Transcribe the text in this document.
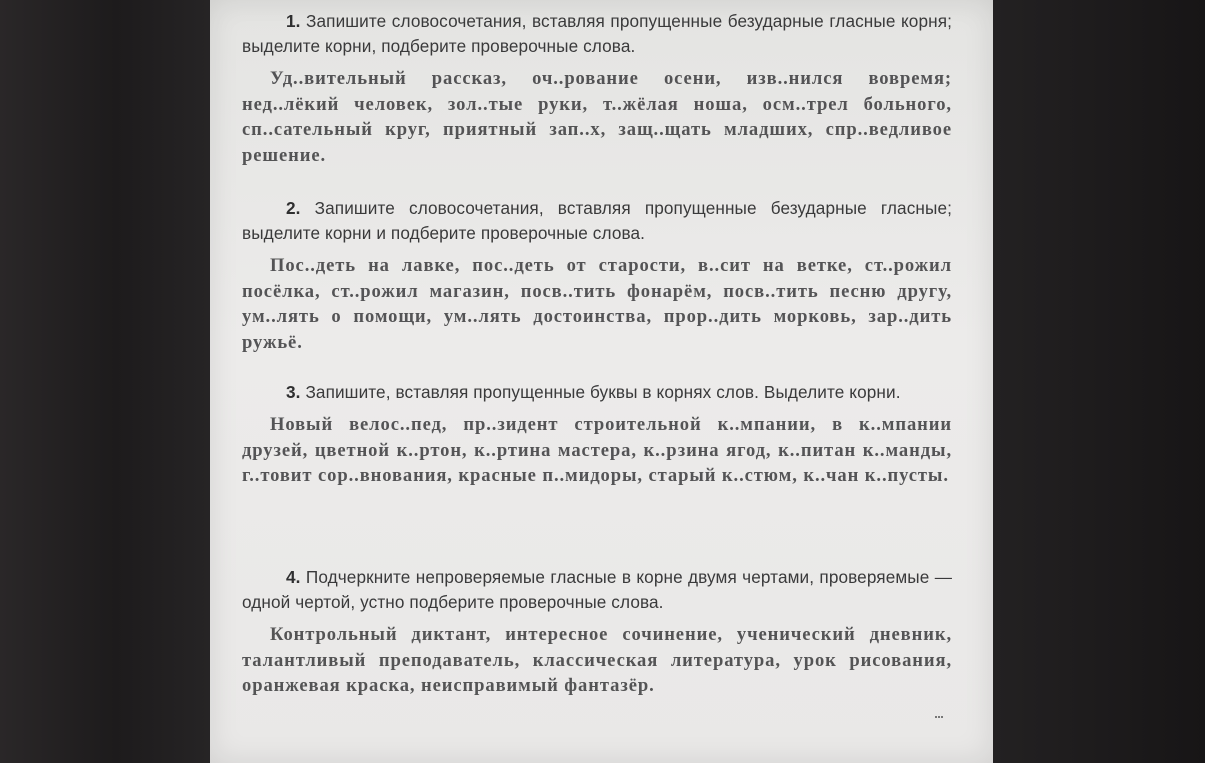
1. Запишите словосочетания, вставляя пропущенные безударные гласные корня; выделите корни, подберите проверочные слова.

Уд..вительный рассказ, оч..рование осени, изв..нился вовремя; нед..лёкий человек, зол..тые руки, т..жёлая ноша, осм..трел больного, сп..сательный круг, приятный зап..х, защ..щать младших, спр..ведливое решение.

2. Запишите словосочетания, вставляя пропущенные безударные гласные; выделите корни и подберите проверочные слова.

Пос..деть на лавке, пос..деть от старости, в..сит на ветке, ст..рожил посёлка, ст..рожил магазин, посв..тить фонарём, посв..тить песню другу, ум..лять о помощи, ум..лять достоинства, прор..дить морковь, зар..дить ружьё.

3. Запишите, вставляя пропущенные буквы в корнях слов. Выделите корни.

Новый велос..пед, пр..зидент строительной к..мпании, в к..мпании друзей, цветной к..ртон, к..ртина мастера, к..рзина ягод, к..питан к..манды, г..товит сор..внования, красные п..мидоры, старый к..стюм, к..чан к..пусты.

4. Подчеркните непроверяемые гласные в корне двумя чертами, проверяемые — одной чертой, устно подберите проверочные слова.

Контрольный диктант, интересное сочинение, ученический дневник, талантливый преподаватель, классическая литература, урок рисования, оранжевая краска, неисправимый фантазёр.
